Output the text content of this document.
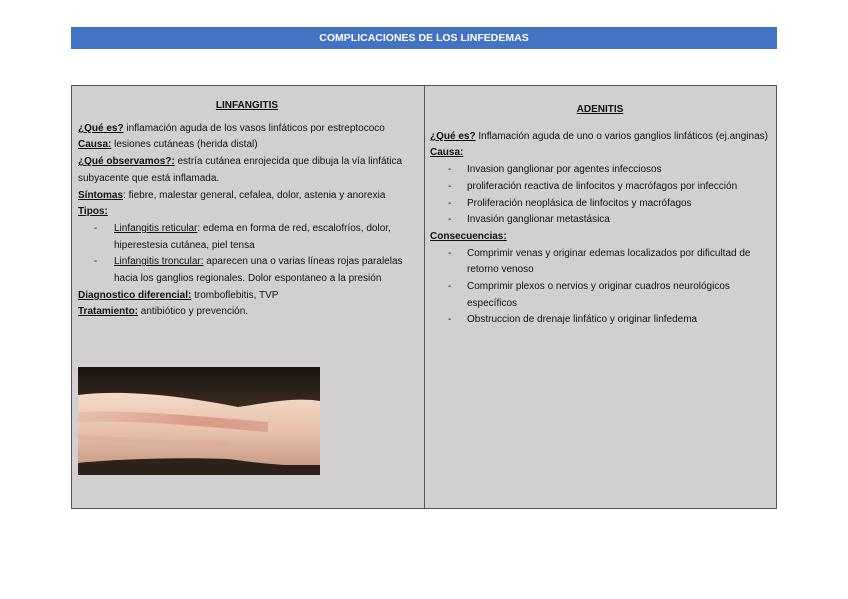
COMPLICACIONES DE LOS LINFEDEMAS
LINFANGITIS
¿Qué es? inflamación aguda de los vasos linfáticos por estreptococo
Causa: lesiones cutáneas (herida distal)
¿Qué observamos?: estría cutánea enrojecida que dibuja la vía linfática subyacente que está inflamada.
Síntomas: fiebre, malestar general, cefalea, dolor, astenia y anorexia
Tipos:
- Linfangitis reticular: edema en forma de red, escalofríos, dolor, hiperestesia cutánea, piel tensa
- Linfangitis troncular: aparecen una o varias líneas rojas paralelas hacia los ganglios regionales. Dolor espontaneo a la presión
Diagnostico diferencial: tromboflebitis, TVP
Tratamiento: antibiótico y prevención.
ADENITIS
¿Qué es? Inflamación aguda de uno o varios ganglios linfáticos (ej.anginas)
Causa:
- Invasion ganglionar por agentes infecciosos
- proliferación reactiva de linfocitos y macrófagos por infección
- Proliferación neoplásica de linfocitos y macrófagos
- Invasión ganglionar metastásica
Consecuencias:
- Comprimir venas y originar edemas localizados por dificultad de retorno venoso
- Comprimir plexos o nervios y originar cuadros neurológicos específicos
- Obstruccion de drenaje linfático y originar linfedema
